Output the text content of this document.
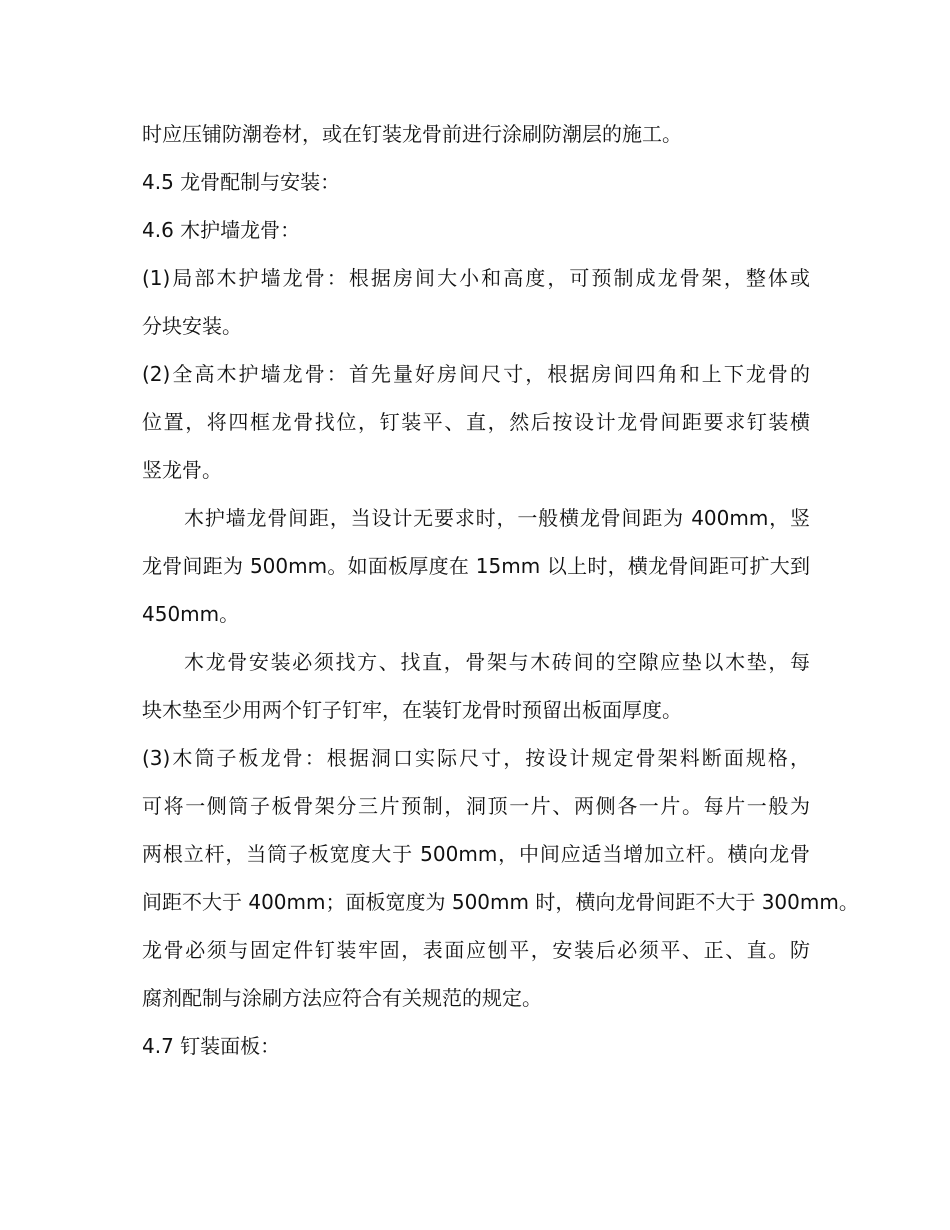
时应压铺防潮卷材，或在钉装龙骨前进行涂刷防潮层的施工。
4.5 龙骨配制与安装：
4.6 木护墙龙骨：
(1)局部木护墙龙骨：根据房间大小和高度，可预制成龙骨架，整体或
分块安装。
(2)全高木护墙龙骨：首先量好房间尺寸，根据房间四角和上下龙骨的
位置，将四框龙骨找位，钉装平、直，然后按设计龙骨间距要求钉装横
竖龙骨。
木护墙龙骨间距，当设计无要求时，一般横龙骨间距为 400mm，竖
龙骨间距为 500mm。如面板厚度在 15mm 以上时，横龙骨间距可扩大到
450mm。
木龙骨安装必须找方、找直，骨架与木砖间的空隙应垫以木垫，每
块木垫至少用两个钉子钉牢，在装钉龙骨时预留出板面厚度。
(3)木筒子板龙骨：根据洞口实际尺寸，按设计规定骨架料断面规格，
可将一侧筒子板骨架分三片预制，洞顶一片、两侧各一片。每片一般为
两根立杆，当筒子板宽度大于 500mm，中间应适当增加立杆。横向龙骨
间距不大于 400mm；面板宽度为 500mm 时，横向龙骨间距不大于 300mm。
龙骨必须与固定件钉装牢固，表面应刨平，安装后必须平、正、直。防
腐剂配制与涂刷方法应符合有关规范的规定。
4.7 钉装面板：
